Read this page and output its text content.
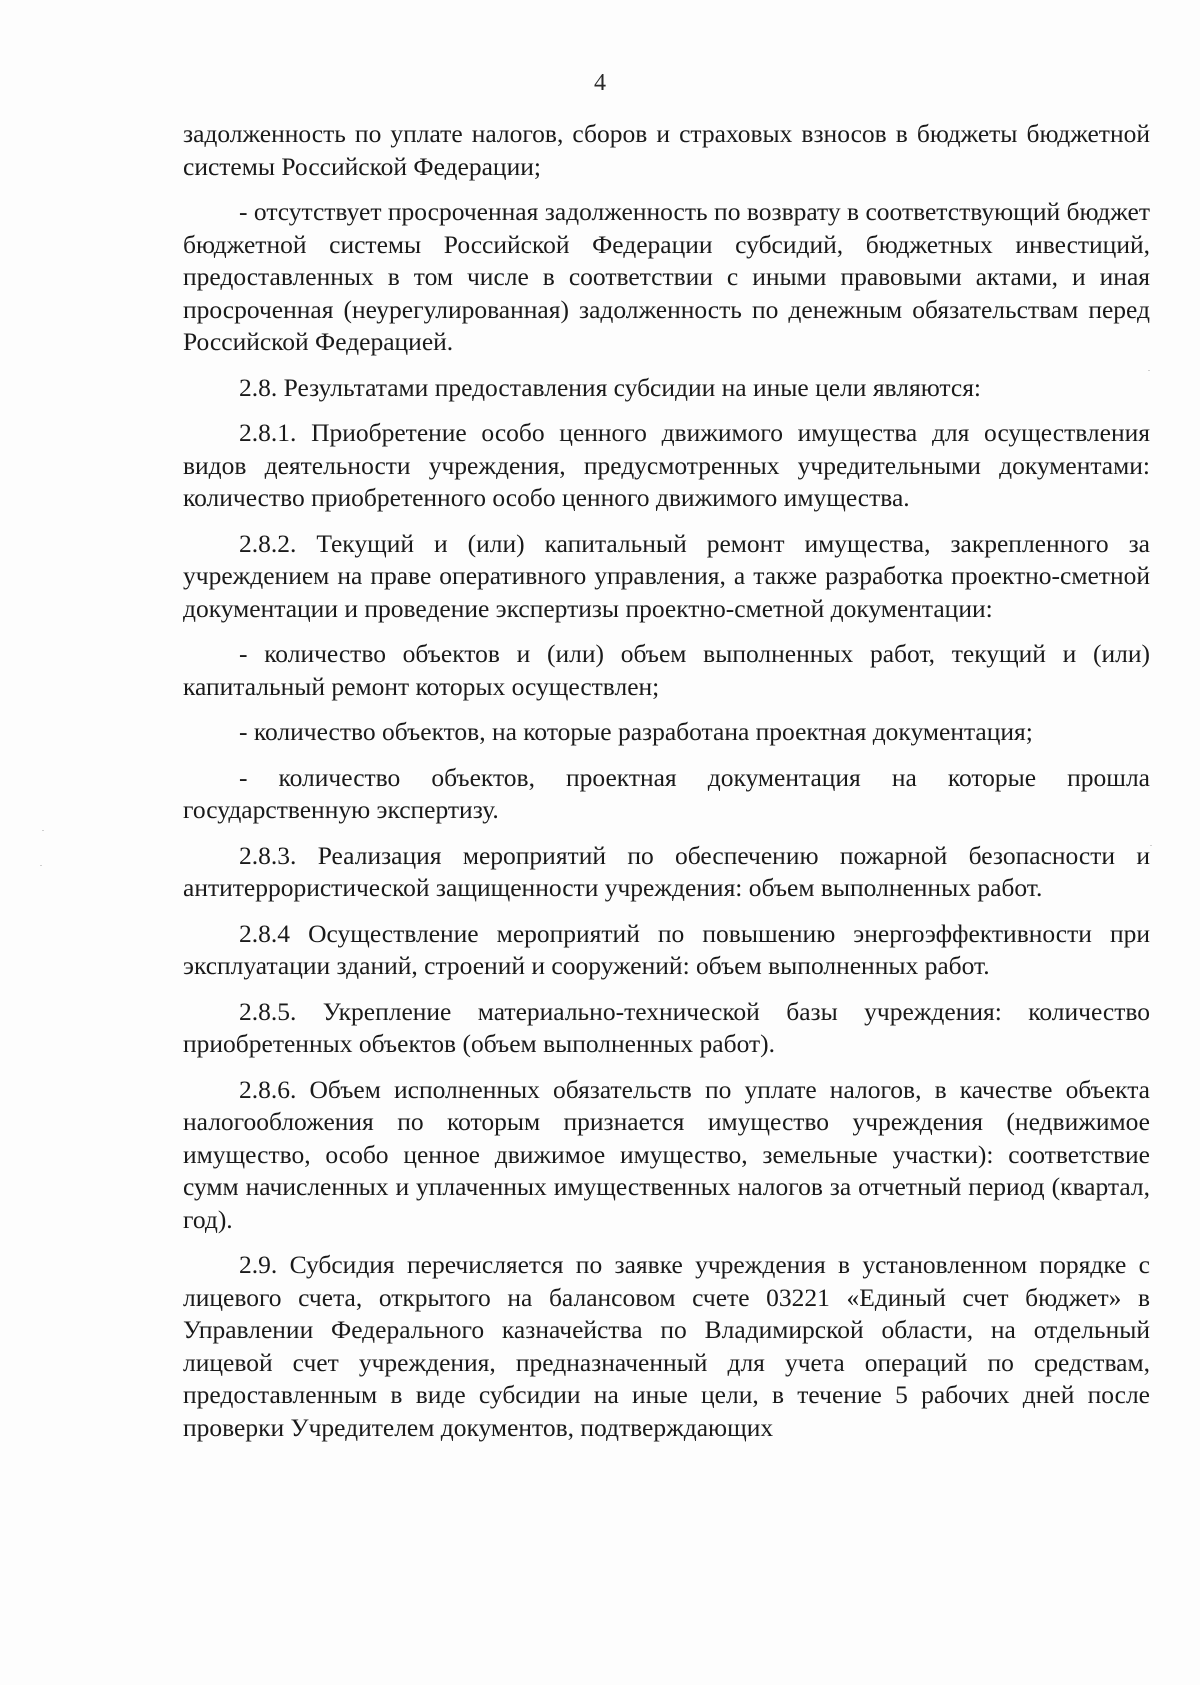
4

задолженность по уплате налогов, сборов и страховых взносов в бюджеты бюджетной системы Российской Федерации;

- отсутствует просроченная задолженность по возврату в соответствующий бюджет бюджетной системы Российской Федерации субсидий, бюджетных инвестиций, предоставленных в том числе в соответствии с иными правовыми актами, и иная просроченная (неурегулированная) задолженность по денежным обязательствам перед Российской Федерацией.

2.8. Результатами предоставления субсидии на иные цели являются:

2.8.1. Приобретение особо ценного движимого имущества для осуществления видов деятельности учреждения, предусмотренных учредительными документами: количество приобретенного особо ценного движимого имущества.

2.8.2. Текущий и (или) капитальный ремонт имущества, закрепленного за учреждением на праве оперативного управления, а также разработка проектно-сметной документации и проведение экспертизы проектно-сметной документации:

- количество объектов и (или) объем выполненных работ, текущий и (или) капитальный ремонт которых осуществлен;

- количество объектов, на которые разработана проектная документация;

- количество объектов, проектная документация на которые прошла государственную экспертизу.

2.8.3. Реализация мероприятий по обеспечению пожарной безопасности и антитеррористической защищенности учреждения: объем выполненных работ.

2.8.4 Осуществление мероприятий по повышению энергоэффективности при эксплуатации зданий, строений и сооружений: объем выполненных работ.

2.8.5. Укрепление материально-технической базы учреждения: количество приобретенных объектов (объем выполненных работ).

2.8.6. Объем исполненных обязательств по уплате налогов, в качестве объекта налогообложения по которым признается имущество учреждения (недвижимое имущество, особо ценное движимое имущество, земельные участки): соответствие сумм начисленных и уплаченных имущественных налогов за отчетный период (квартал, год).

2.9. Субсидия перечисляется по заявке учреждения в установленном порядке с лицевого счета, открытого на балансовом счете 03221 «Единый счет бюджет» в Управлении Федерального казначейства по Владимирской области, на отдельный лицевой счет учреждения, предназначенный для учета операций по средствам, предоставленным в виде субсидии на иные цели, в течение 5 рабочих дней после проверки Учредителем документов, подтверждающих
